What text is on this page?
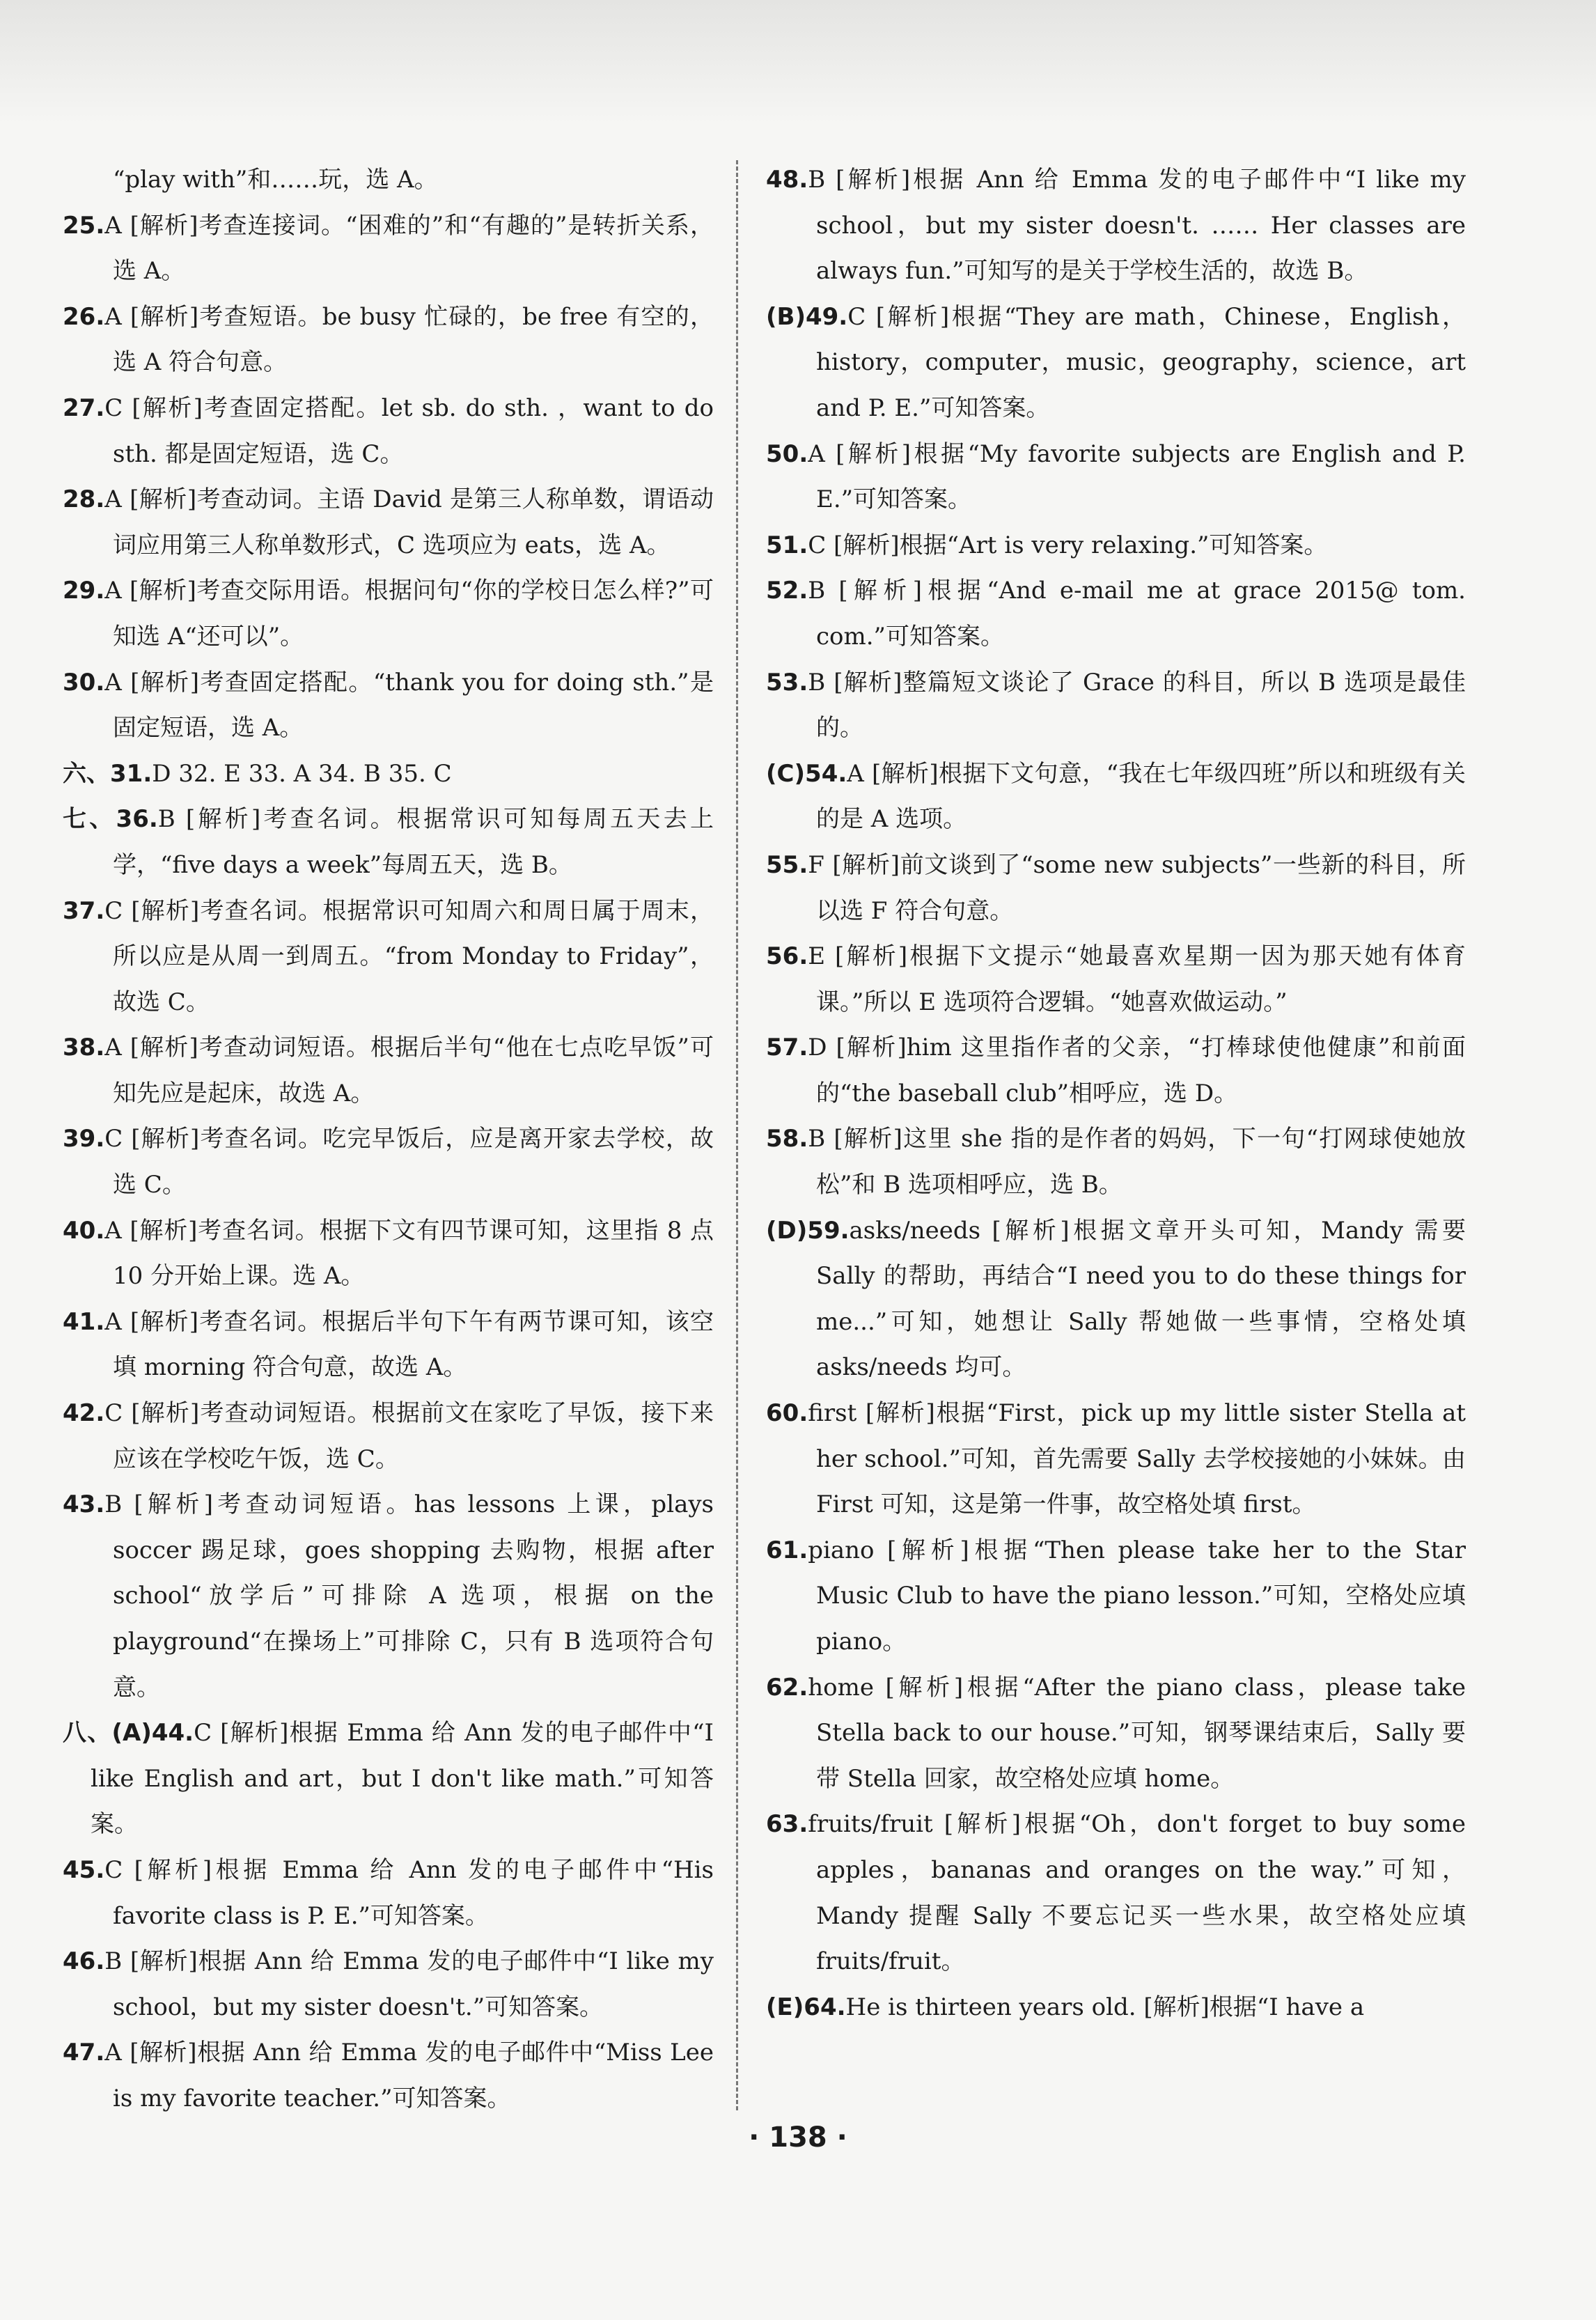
“play with”和……玩，选 A。
25.A [解析]考查连接词。“困难的”和“有趣的”是转折关系，选 A。
26.A [解析]考查短语。be busy 忙碌的，be free 有空的，选 A 符合句意。
27.C [解析]考查固定搭配。let sb. do sth. ，want to do sth. 都是固定短语，选 C。
28.A [解析]考查动词。主语 David 是第三人称单数，谓语动词应用第三人称单数形式，C 选项应为 eats，选 A。
29.A [解析]考查交际用语。根据问句“你的学校日怎么样?”可知选 A“还可以”。
30.A [解析]考查固定搭配。“thank you for doing sth.”是固定短语，选 A。
六、31.D 32. E 33. A 34. B 35. C
七、36.B [解析]考查名词。根据常识可知每周五天去上学，“five days a week”每周五天，选 B。
37.C [解析]考查名词。根据常识可知周六和周日属于周末，所以应是从周一到周五。“from Monday to Friday”，故选 C。
38.A [解析]考查动词短语。根据后半句“他在七点吃早饭”可知先应是起床，故选 A。
39.C [解析]考查名词。吃完早饭后，应是离开家去学校，故选 C。
40.A [解析]考查名词。根据下文有四节课可知，这里指 8 点 10 分开始上课。选 A。
41.A [解析]考查名词。根据后半句下午有两节课可知，该空填 morning 符合句意，故选 A。
42.C [解析]考查动词短语。根据前文在家吃了早饭，接下来应该在学校吃午饭，选 C。
43.B [解析]考查动词短语。has lessons 上课，plays soccer 踢足球，goes shopping 去购物，根据 after school“放学后”可排除 A 选项，根据 on the playground“在操场上”可排除 C，只有 B 选项符合句意。
八、(A)44.C [解析]根据 Emma 给 Ann 发的电子邮件中“I like English and art，but I don't like math.”可知答案。
45.C [解析]根据 Emma 给 Ann 发的电子邮件中“His favorite class is P. E.”可知答案。
46.B [解析]根据 Ann 给 Emma 发的电子邮件中“I like my school，but my sister doesn't.”可知答案。
47.A [解析]根据 Ann 给 Emma 发的电子邮件中“Miss Lee is my favorite teacher.”可知答案。
48.B [解析]根据 Ann 给 Emma 发的电子邮件中“I like my school，but my sister doesn't. …… Her classes are always fun.”可知写的是关于学校生活的，故选 B。
(B)49.C [解析]根据“They are math，Chinese，English，history，computer，music，geography，science，art and P. E.”可知答案。
50.A [解析]根据“My favorite subjects are English and P. E.”可知答案。
51.C [解析]根据“Art is very relaxing.”可知答案。
52.B [解析]根据“And e-mail me at grace 2015@ tom. com.”可知答案。
53.B [解析]整篇短文谈论了 Grace 的科目，所以 B 选项是最佳的。
(C)54.A [解析]根据下文句意，“我在七年级四班”所以和班级有关的是 A 选项。
55.F [解析]前文谈到了“some new subjects”一些新的科目，所以选 F 符合句意。
56.E [解析]根据下文提示“她最喜欢星期一因为那天她有体育课。”所以 E 选项符合逻辑。“她喜欢做运动。”
57.D [解析]him 这里指作者的父亲，“打棒球使他健康”和前面的“the baseball club”相呼应，选 D。
58.B [解析]这里 she 指的是作者的妈妈，下一句“打网球使她放松”和 B 选项相呼应，选 B。
(D)59.asks/needs [解析]根据文章开头可知，Mandy 需要 Sally 的帮助，再结合“I need you to do these things for me...”可知，她想让 Sally 帮她做一些事情，空格处填 asks/needs 均可。
60.first [解析]根据“First，pick up my little sister Stella at her school.”可知，首先需要 Sally 去学校接她的小妹妹。由 First 可知，这是第一件事，故空格处填 first。
61.piano [解析]根据“Then please take her to the Star Music Club to have the piano lesson.”可知，空格处应填 piano。
62.home [解析]根据“After the piano class，please take Stella back to our house.”可知，钢琴课结束后，Sally 要带 Stella 回家，故空格处应填 home。
63.fruits/fruit [解析]根据“Oh，don't forget to buy some apples，bananas and oranges on the way.”可知，Mandy 提醒 Sally 不要忘记买一些水果，故空格处应填 fruits/fruit。
(E)64.He is thirteen years old. [解析]根据“I have a
· 138 ·
